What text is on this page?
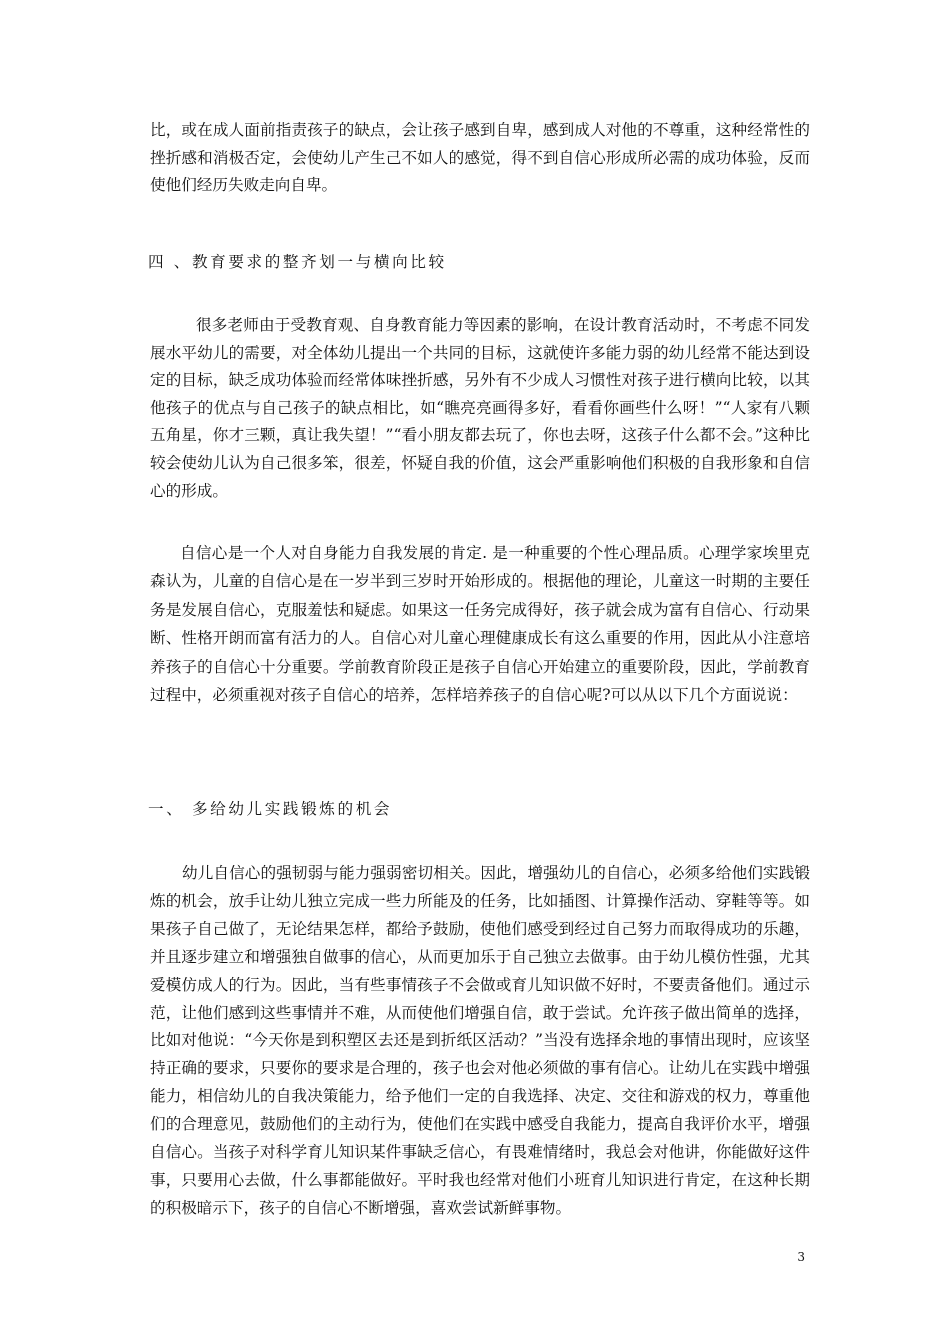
比，或在成人面前指责孩子的缺点，会让孩子感到自卑，感到成人对他的不尊重，这种经常性的挫折感和消极否定，会使幼儿产生己不如人的感觉，得不到自信心形成所必需的成功体验，反而使他们经历失败走向自卑。

四 、教育要求的整齐划一与横向比较

很多老师由于受教育观、自身教育能力等因素的影响，在设计教育活动时，不考虑不同发展水平幼儿的需要，对全体幼儿提出一个共同的目标，这就使许多能力弱的幼儿经常不能达到设定的目标，缺乏成功体验而经常体味挫折感，另外有不少成人习惯性对孩子进行横向比较，以其他孩子的优点与自己孩子的缺点相比，如“瞧亮亮画得多好，看看你画些什么呀！”“人家有八颗五角星，你才三颗，真让我失望！”“看小朋友都去玩了，你也去呀，这孩子什么都不会。”这种比较会使幼儿认为自己很多笨，很差，怀疑自我的价值，这会严重影响他们积极的自我形象和自信心的形成。

自信心是一个人对自身能力自我发展的肯定. 是一种重要的个性心理品质。心理学家埃里克森认为，儿童的自信心是在一岁半到三岁时开始形成的。根据他的理论，儿童这一时期的主要任务是发展自信心，克服羞怯和疑虑。如果这一任务完成得好，孩子就会成为富有自信心、行动果断、性格开朗而富有活力的人。自信心对儿童心理健康成长有这么重要的作用，因此从小注意培养孩子的自信心十分重要。学前教育阶段正是孩子自信心开始建立的重要阶段，因此，学前教育过程中，必须重视对孩子自信心的培养，怎样培养孩子的自信心呢?可以从以下几个方面说说：

一、 多给幼儿实践锻炼的机会

幼儿自信心的强韧弱与能力强弱密切相关。因此，增强幼儿的自信心，必须多给他们实践锻炼的机会，放手让幼儿独立完成一些力所能及的任务，比如插图、计算操作活动、穿鞋等等。如果孩子自己做了，无论结果怎样，都给予鼓励，使他们感受到经过自己努力而取得成功的乐趣，并且逐步建立和增强独自做事的信心，从而更加乐于自己独立去做事。由于幼儿模仿性强，尤其爱模仿成人的行为。因此，当有些事情孩子不会做或育儿知识做不好时，不要责备他们。通过示范，让他们感到这些事情并不难，从而使他们增强自信，敢于尝试。允许孩子做出简单的选择，比如对他说：“今天你是到积塑区去还是到折纸区活动？”当没有选择余地的事情出现时，应该坚持正确的要求，只要你的要求是合理的，孩子也会对他必须做的事有信心。让幼儿在实践中增强能力，相信幼儿的自我决策能力，给予他们一定的自我选择、决定、交往和游戏的权力，尊重他们的合理意见，鼓励他们的主动行为，使他们在实践中感受自我能力，提高自我评价水平，增强自信心。当孩子对科学育儿知识某件事缺乏信心，有畏难情绪时，我总会对他讲，你能做好这件事，只要用心去做，什么事都能做好。平时我也经常对他们小班育儿知识进行肯定，在这种长期的积极暗示下，孩子的自信心不断增强，喜欢尝试新鲜事物。

3
